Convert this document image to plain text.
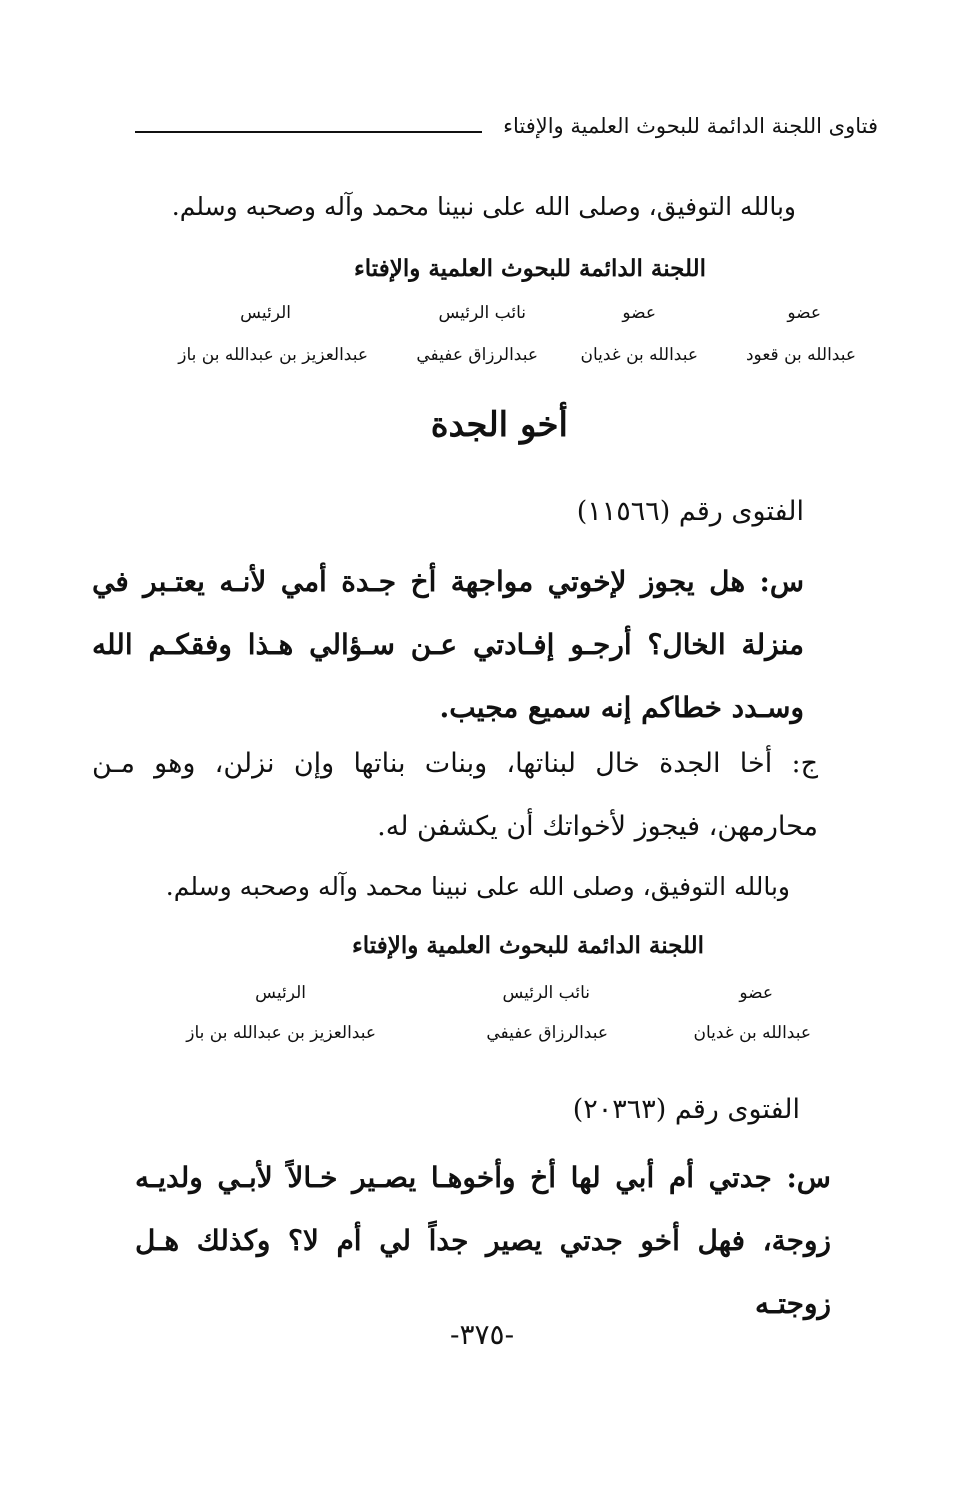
فتاوى اللجنة الدائمة للبحوث العلمية والإفتاء
وبالله التوفيق، وصلى الله على نبينا محمد وآله وصحبه وسلم.
اللجنة الدائمة للبحوث العلمية والإفتاء
عضو
عضو
نائب الرئيس
الرئيس
عبدالله بن قعود
عبدالله بن غديان
عبدالرزاق عفيفي
عبدالعزيز بن عبدالله بن باز
أخو الجدة
الفتوى رقم (١١٥٦٦)
س: هل يجوز لإخوتي مواجهة أخ جـدة أمي لأنـه يعتـبر في منزلة الخال؟ أرجـو إفـادتي عـن سـؤالي هـذا وفقكـم الله وسـدد خطاكم إنه سميع مجيب.
ج: أخا الجدة خال لبناتها، وبنات بناتها وإن نزلن، وهو مـن محارمهن، فيجوز لأخواتك أن يكشفن له.
وبالله التوفيق، وصلى الله على نبينا محمد وآله وصحبه وسلم.
اللجنة الدائمة للبحوث العلمية والإفتاء
عضو
نائب الرئيس
الرئيس
عبدالله بن غديان
عبدالرزاق عفيفي
عبدالعزيز بن عبدالله بن باز
الفتوى رقم (٢٠٣٦٣)
س: جدتي أم أبي لها أخ وأخوهـا يصـير خـالاً لأبـي ولديـه زوجة، فهل أخو جدتي يصير جداً لي أم لا؟ وكذلك هـل زوجتـه
-٣٧٥-
